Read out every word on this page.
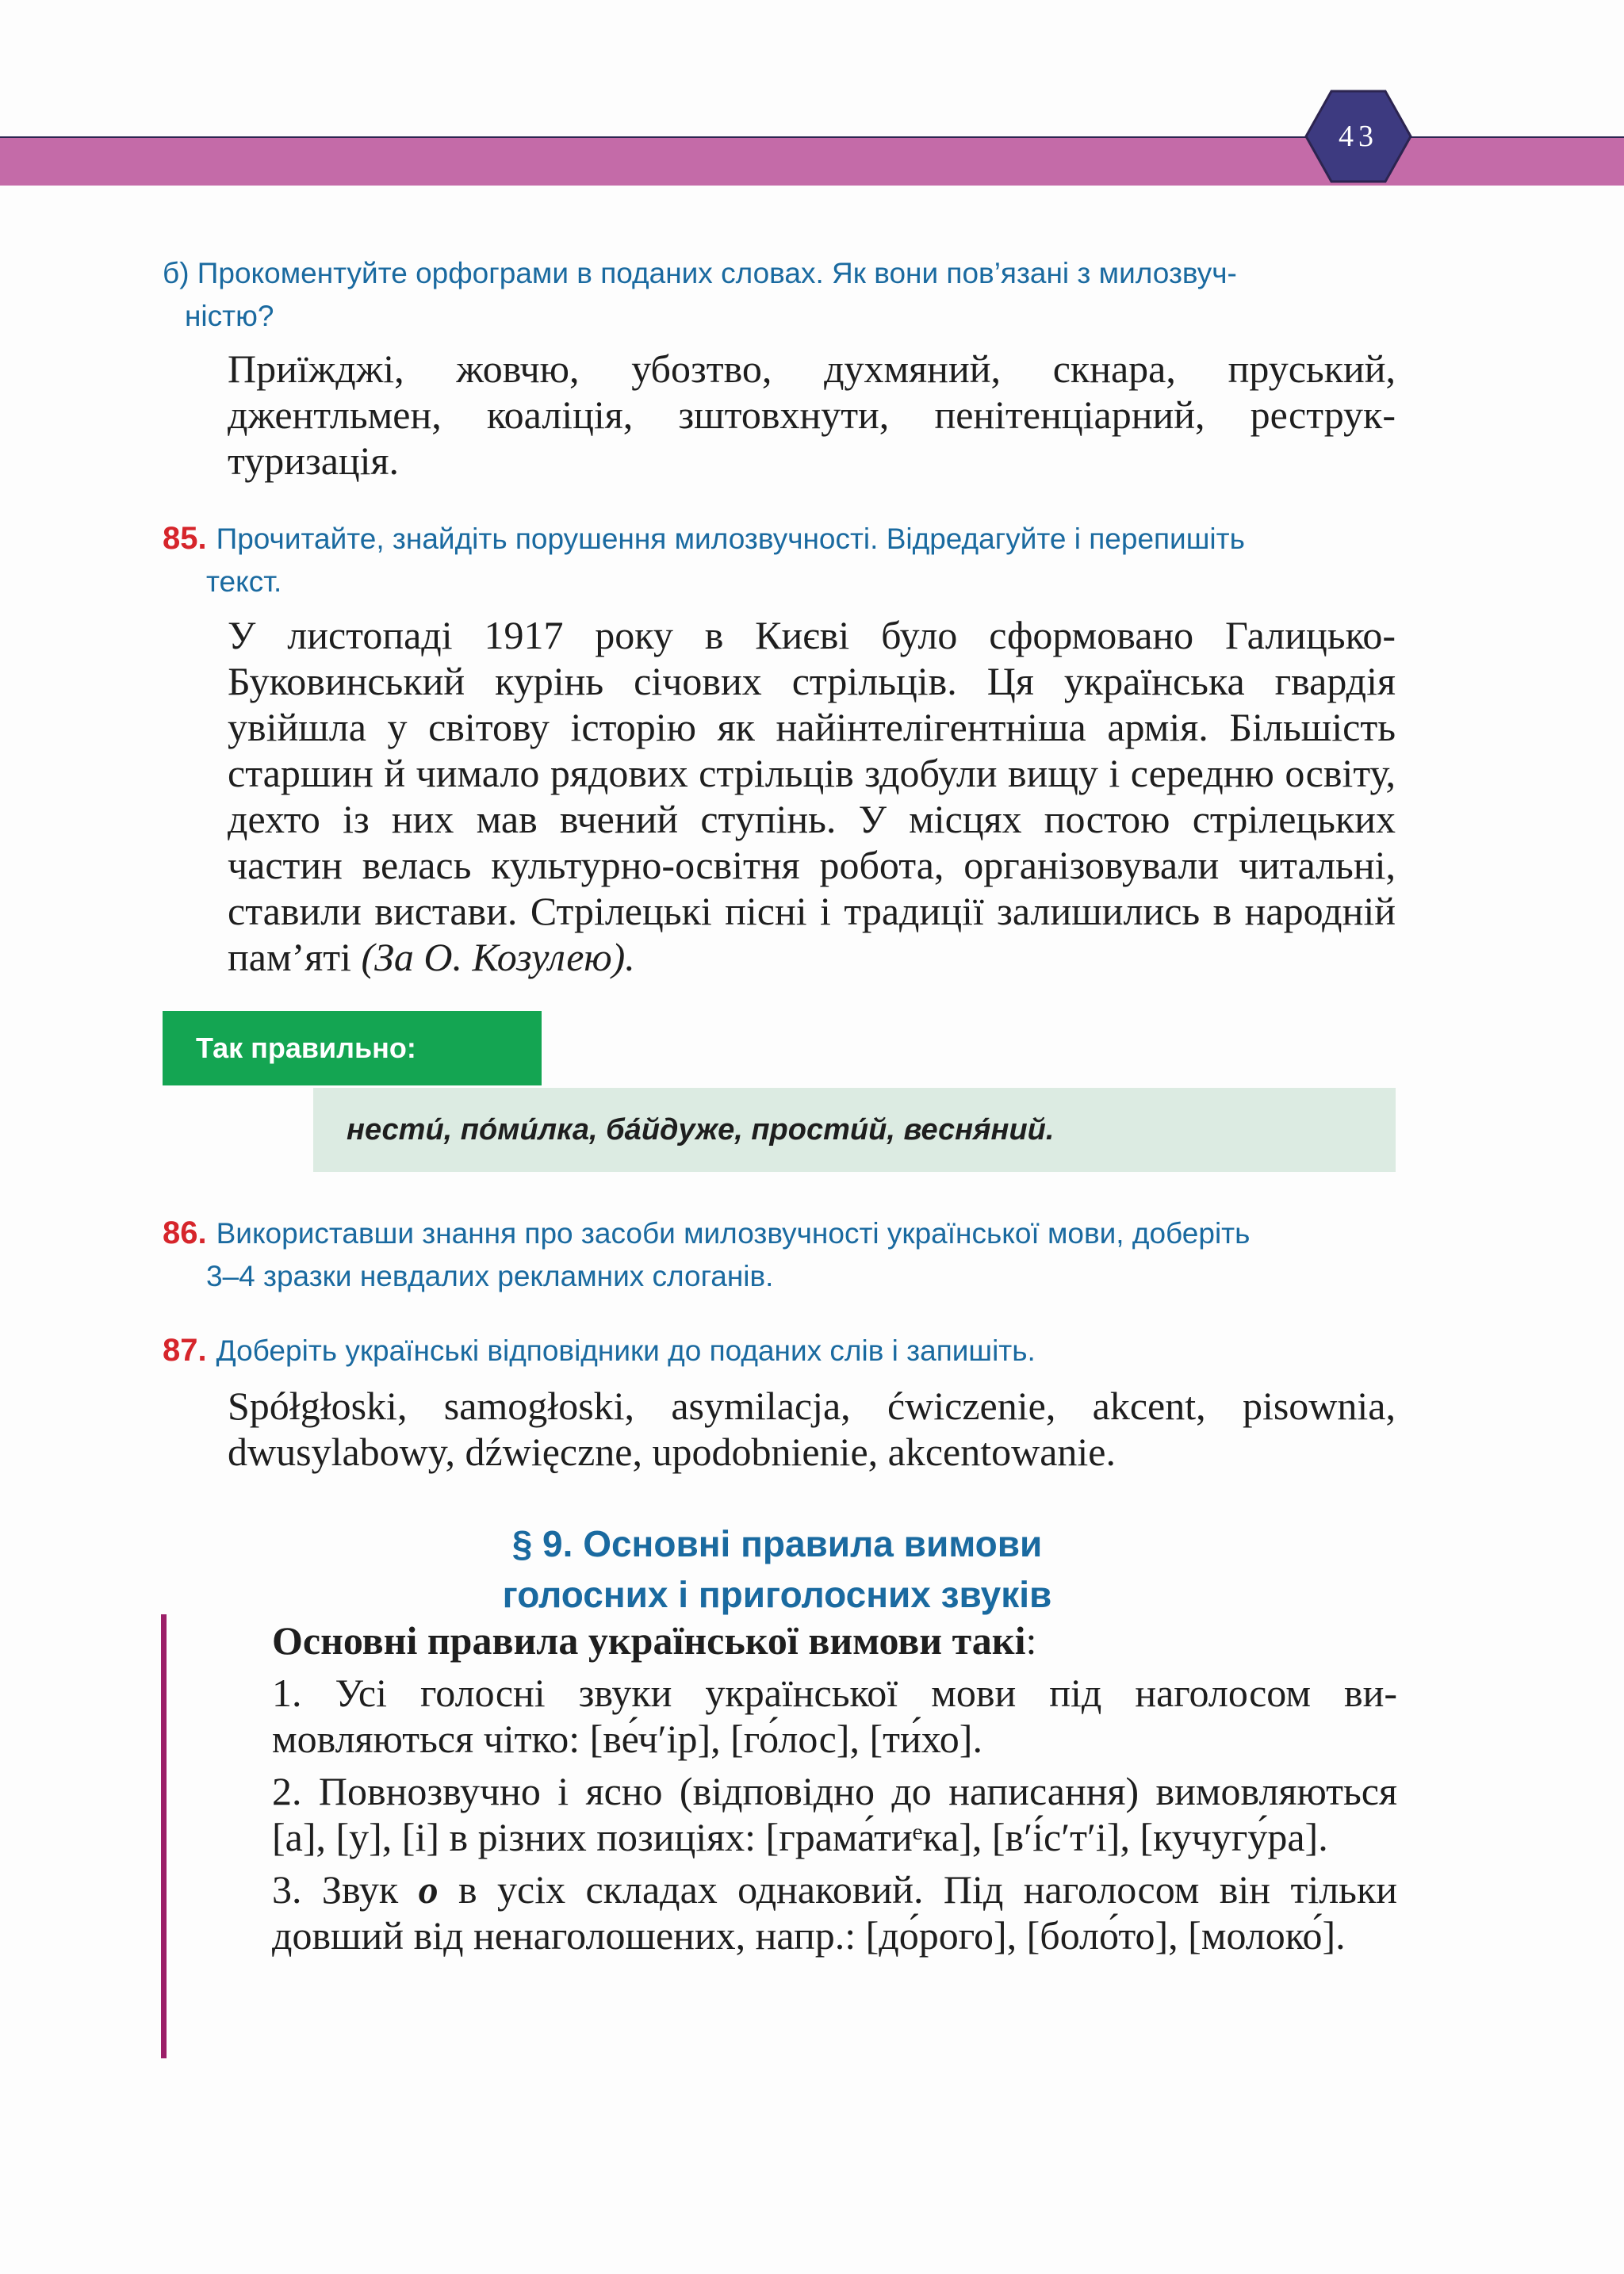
43
б) Прокоментуйте орфограми в поданих словах. Як вони пов’язані з милозвуч-
ністю?
Приїжджі, жовчю, убозтво, духмяний, скнара, пруський, джентльмен, коаліція, зштовхнути, пенітенціарний, реструктуризація.
85. Прочитайте, знайдіть порушення милозвучності. Відредагуйте і перепишіть
текст.
У листопаді 1917 року в Києві було сформовано Галицько-Буковинський курінь січових стрільців. Ця українська гвардія увійшла у світову історію як найінтелігентніша армія. Більшість старшин й чимало рядових стрільців здобули вищу і середню освіту, дехто із них мав вчений ступінь. У місцях постою стрілецьких частин велась культурно-освітня робота, організовували читальні, ставили вистави. Стрілецькі пісні і традиції залишились в народній пам’яті (За О. Козулею).
Так правильно:
нести́, по́ми́лка, ба́йдуже, прости́й, весня́ний.
86. Використавши знання про засоби милозвучності української мови, доберіть
3–4 зразки невдалих рекламних слоганів.
87. Доберіть українські відповідники до поданих слів і запишіть.
Spółgłoski, samogłoski, asymilacja, ćwiczenie, akcent, pisownia, dwusylabowy, dźwięczne, upodobnienie, akcentowanie.
§ 9. Основні правила вимови
голосних і приголосних звуків

Основні правила української вимови такі:

1. Усі голосні звуки української мови під наголосом вимовляються чітко: [ве́ч′ір], [го́лос], [ти́хо].

2. Повнозвучно і ясно (відповідно до написання) вимовляються [а], [у], [і] в різних позиціях: [грама́тиᵉка], [в′і́с′т′і], [кучугу́ра].

3. Звук о в усіх складах однаковий. Під наголосом він тільки довший від ненаголошених, напр.: [до́рого], [боло́то], [молоко́].
